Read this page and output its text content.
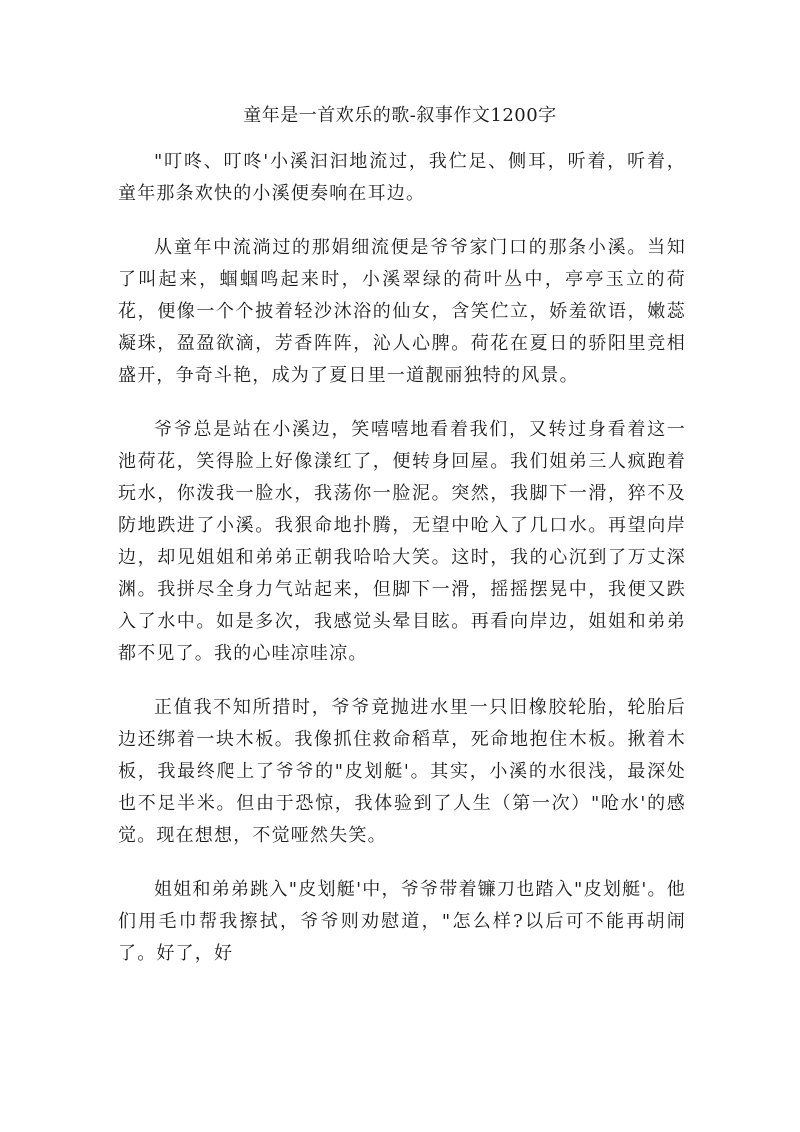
童年是一首欢乐的歌-叙事作文1200字

"叮咚、叮咚'小溪汩汩地流过，我伫足、侧耳，听着，听着，童年那条欢快的小溪便奏响在耳边。

从童年中流淌过的那娟细流便是爷爷家门口的那条小溪。当知了叫起来，蝈蝈鸣起来时，小溪翠绿的荷叶丛中，亭亭玉立的荷花，便像一个个披着轻沙沐浴的仙女，含笑伫立，娇羞欲语，嫩蕊凝珠，盈盈欲滴，芳香阵阵，沁人心脾。荷花在夏日的骄阳里竞相盛开，争奇斗艳，成为了夏日里一道靓丽独特的风景。

爷爷总是站在小溪边，笑嘻嘻地看着我们，又转过身看着这一池荷花，笑得脸上好像漾红了，便转身回屋。我们姐弟三人疯跑着玩水，你泼我一脸水，我荡你一脸泥。突然，我脚下一滑，猝不及防地跌进了小溪。我狠命地扑腾，无望中呛入了几口水。再望向岸边，却见姐姐和弟弟正朝我哈哈大笑。这时，我的心沉到了万丈深渊。我拼尽全身力气站起来，但脚下一滑，摇摇摆晃中，我便又跌入了水中。如是多次，我感觉头晕目眩。再看向岸边，姐姐和弟弟都不见了。我的心哇凉哇凉。

正值我不知所措时，爷爷竟抛进水里一只旧橡胶轮胎，轮胎后边还绑着一块木板。我像抓住救命稻草，死命地抱住木板。揪着木板，我最终爬上了爷爷的"皮划艇'。其实，小溪的水很浅，最深处也不足半米。但由于恐惊，我体验到了人生（第一次）"呛水'的感觉。现在想想，不觉哑然失笑。

姐姐和弟弟跳入"皮划艇'中，爷爷带着镰刀也踏入"皮划艇'。他们用毛巾帮我擦拭，爷爷则劝慰道，"怎么样?以后可不能再胡闹了。好了，好
